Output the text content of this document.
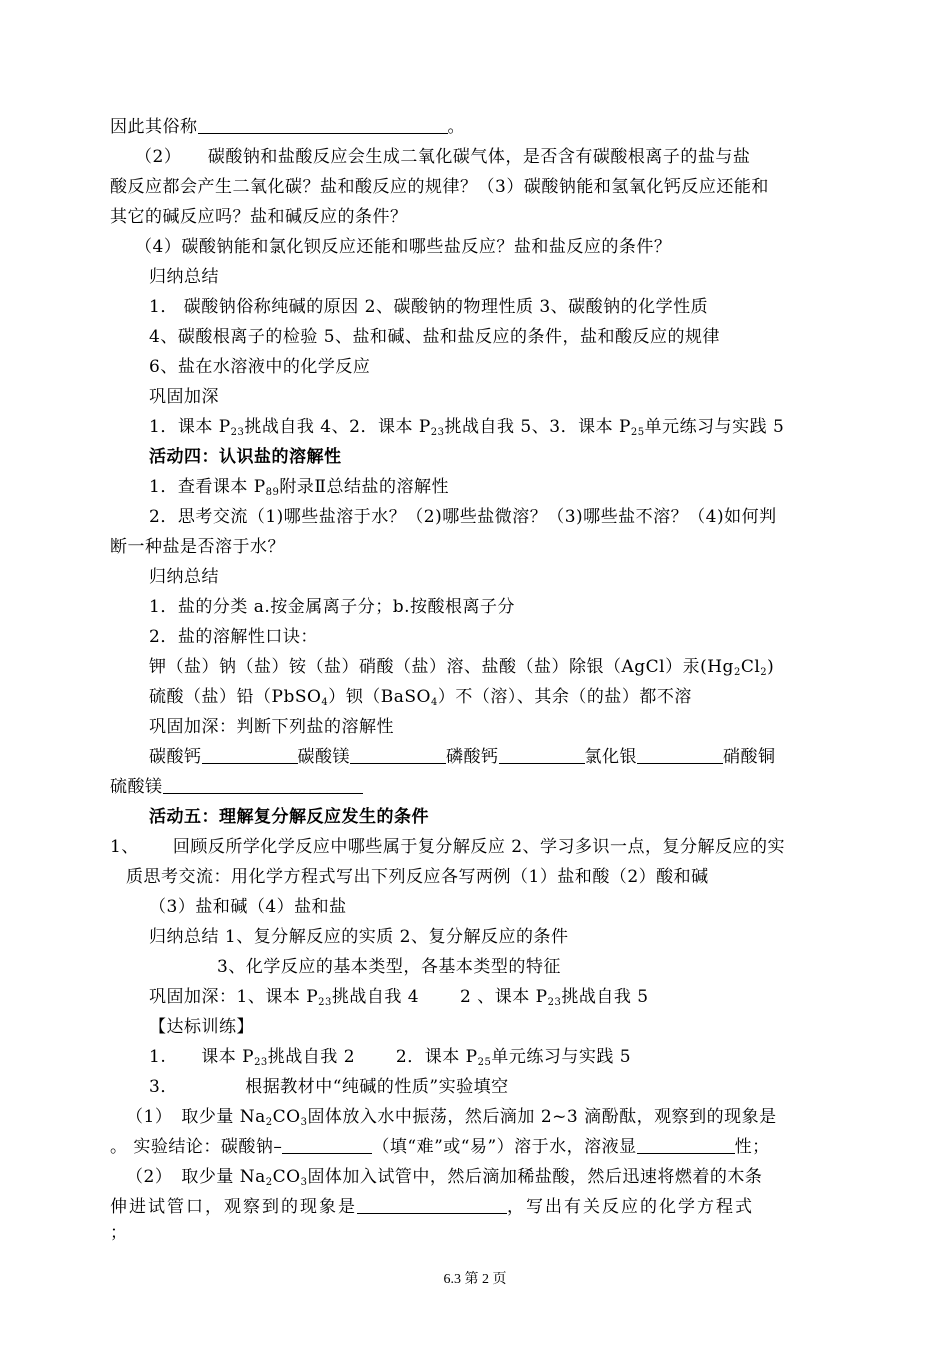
因此其俗称	。
（2）　　碳酸钠和盐酸反应会生成二氧化碳气体，是否含有碳酸根离子的盐与盐
酸反应都会产生二氧化碳？盐和酸反应的规律？（3）碳酸钠能和氢氧化钙反应还能和
其它的碱反应吗？盐和碱反应的条件？
（4）碳酸钠能和氯化钡反应还能和哪些盐反应？盐和盐反应的条件？
归纳总结
1． 碳酸钠俗称纯碱的原因 2、碳酸钠的物理性质 3、碳酸钠的化学性质
4、碳酸根离子的检验 5、盐和碱、盐和盐反应的条件，盐和酸反应的规律
6、盐在水溶液中的化学反应
巩固加深
1．课本 $P_{23}$挑战自我 4、2．课本 $P_{23}$挑战自我 5、3．课本 $P_{25}$单元练习与实践 5
活动四：认识盐的溶解性
1．查看课本 $P_{89}$附录Ⅱ总结盐的溶解性
2．思考交流（1)哪些盐溶于水？（2)哪些盐微溶？（3)哪些盐不溶？（4)如何判
断一种盐是否溶于水？
归纳总结
1．盐的分类 a.按金属离子分；b.按酸根离子分
2．盐的溶解性口诀：
钾（盐）钠（盐）铵（盐）硝酸（盐）溶、盐酸（盐）除银（AgCl）汞$(Hg_2Cl_2)$
硫酸（盐）铅（PbSO$_4$）钡（BaSO$_4$）不（溶）、其余（的盐）都不溶
巩固加深：判断下列盐的溶解性
碳酸钙	碳酸镁	磷酸钙	氯化银	硝酸铜
硫酸镁
活动五：理解复分解反应发生的条件
1、 回顾反所学化学反应中哪些属于复分解反应 2、学习多识一点，复分解反应的实
质思考交流：用化学方程式写出下列反应各写两例（1）盐和酸（2）酸和碱
（3）盐和碱（4）盐和盐
归纳总结 1、复分解反应的实质 2、复分解反应的条件
3、化学反应的基本类型，各基本类型的特征
巩固加深：1、课本 $P_{23}$挑战自我 4　　 2 、课本 $P_{23}$挑战自我 5
【达标训练】
1.　　课本 $P_{23}$挑战自我 2　　 2．课本 $P_{25}$单元练习与实践 5
3．　　　　 根据教材中“纯碱的性质”实验填空
（1）　取少量 $Na_2CO_3$固体放入水中振荡，然后滴加 2~3 滴酚酞，观察到的现象是
。 实验结论：碳酸钠–	（填“难”或“易”）溶于水，溶液显	性；
（2）　取少量 $Na_2CO_3$固体加入试管中，然后滴加稀盐酸，然后迅速将燃着的木条
伸进试管口，观察到的现象是	，写出有关反应的化学方程式
；
6.3 第 2 页
